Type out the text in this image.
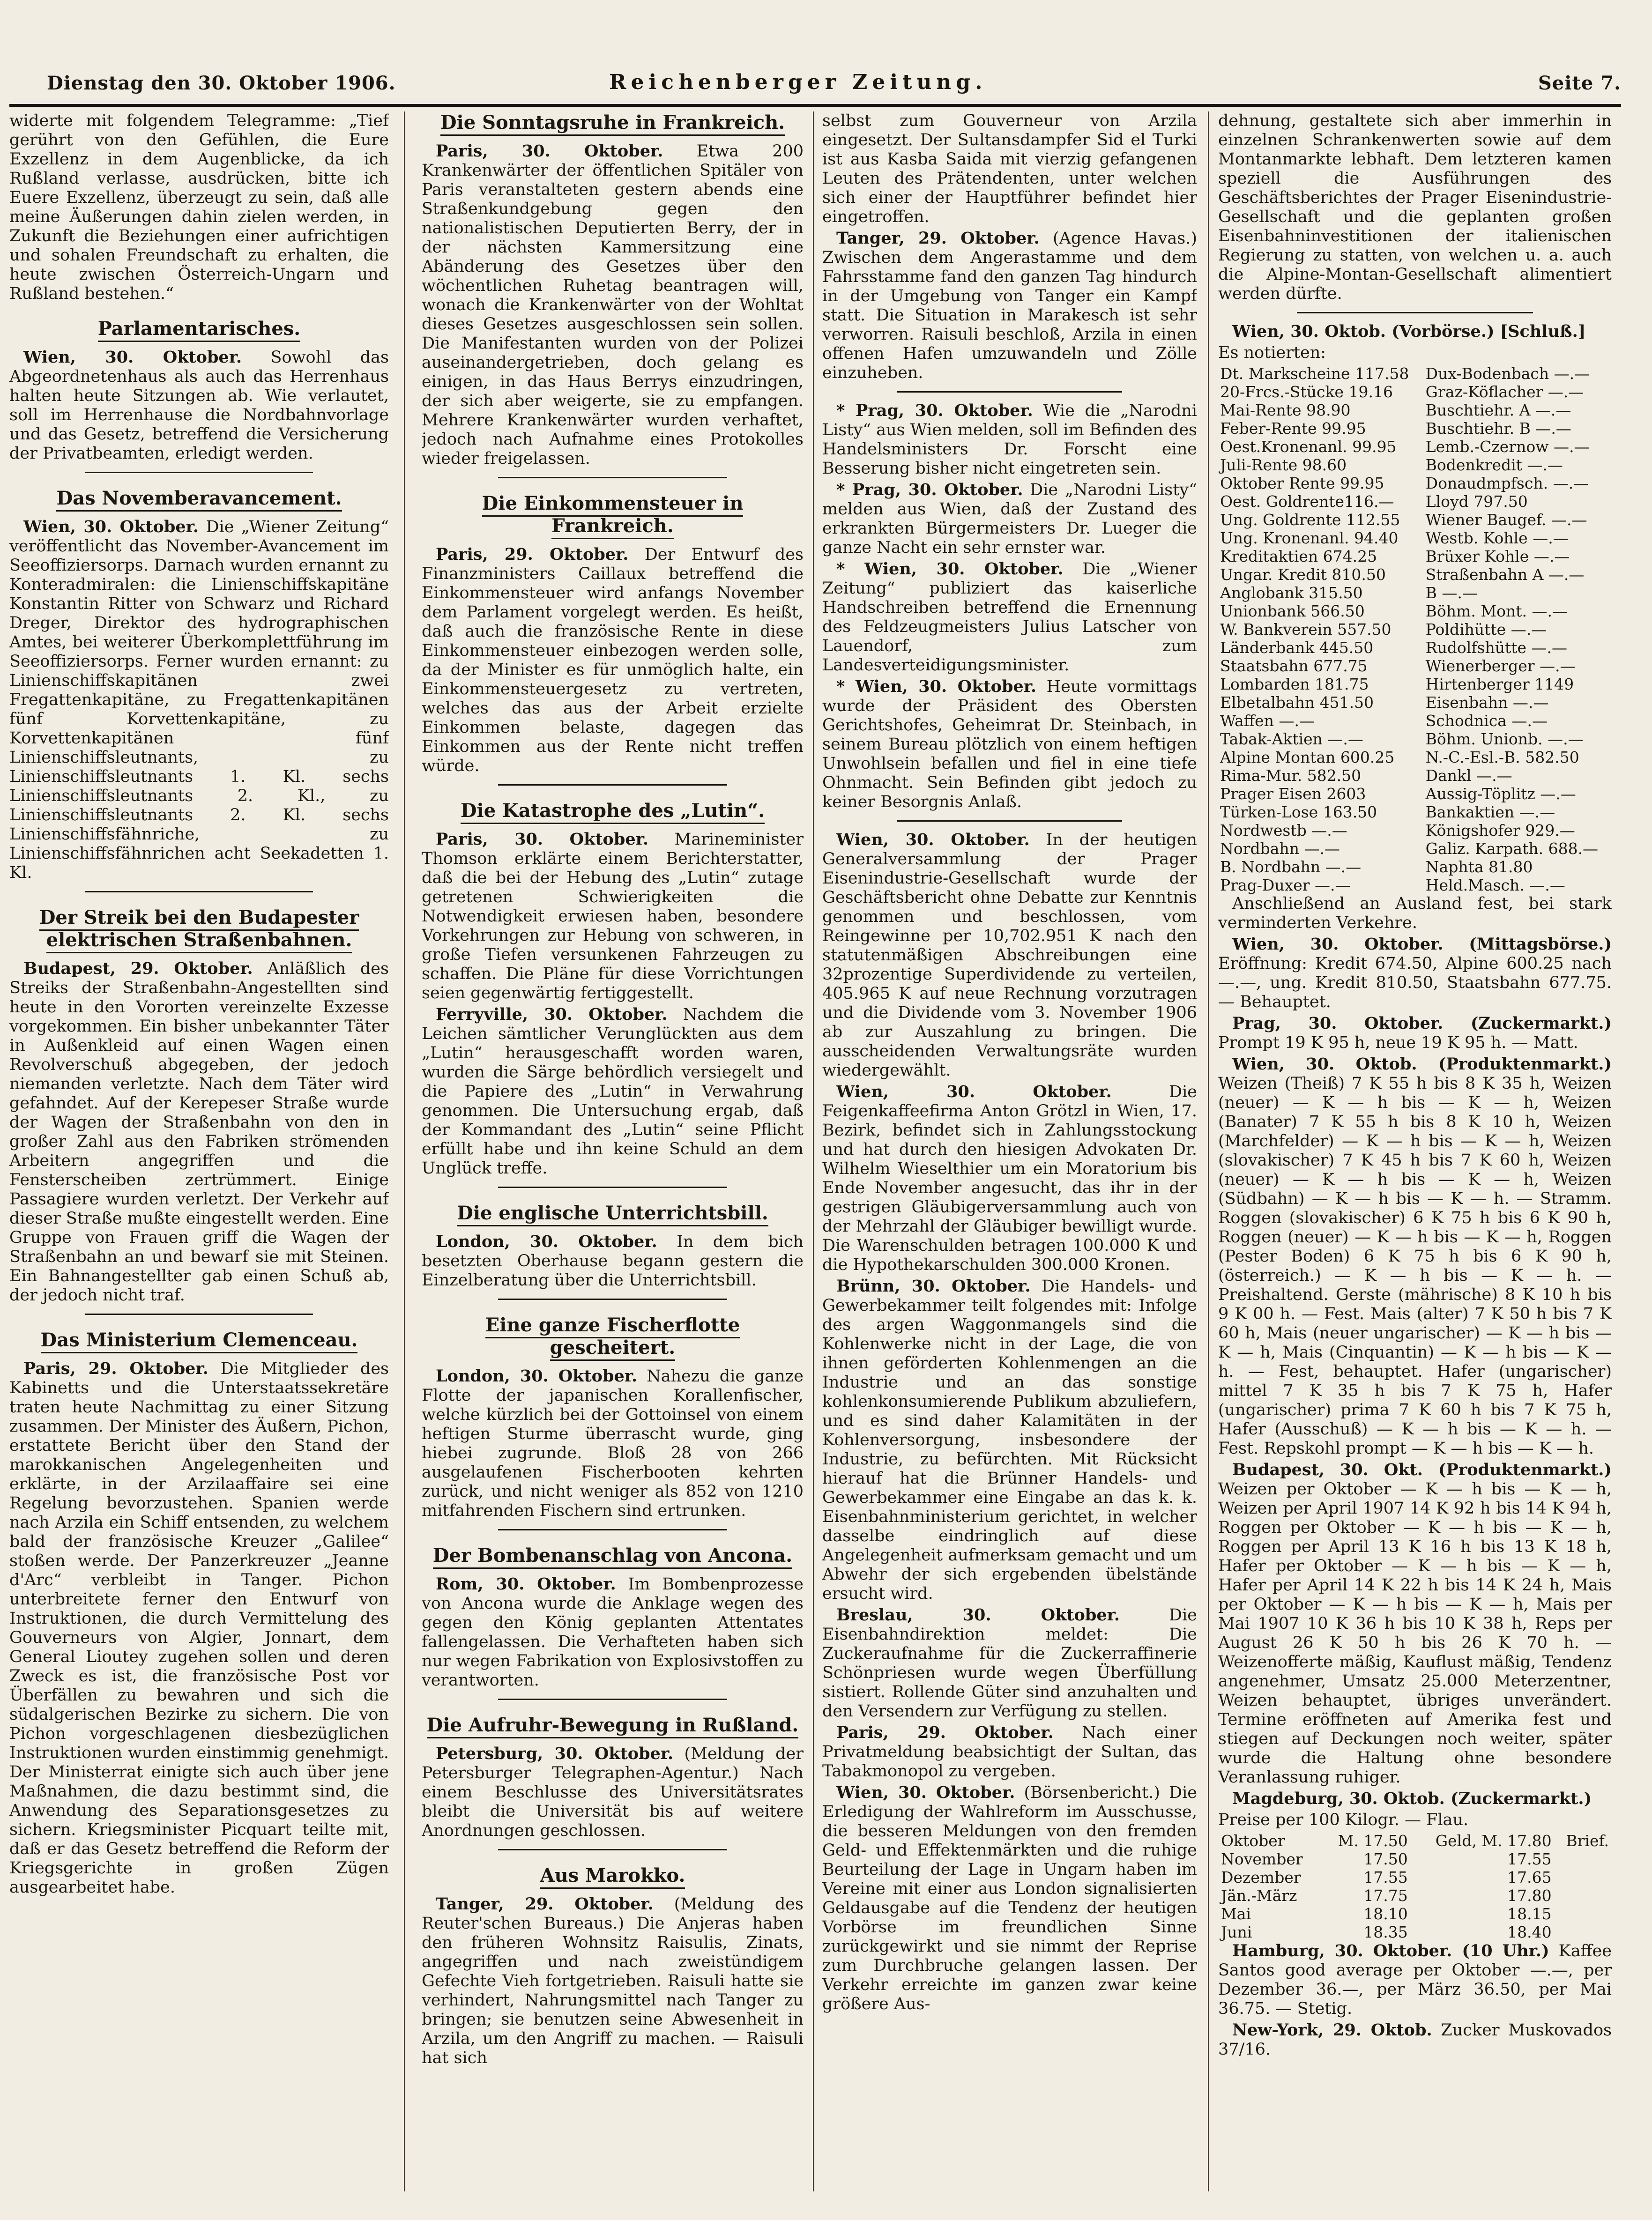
Dienstag den 30. Oktober 1906.	Reichenberger Zeitung.	Seite 7.

widerte mit folgendem Telegramme: „Tief gerührt von den Gefühlen, die Eure Exzellenz in dem Augenblicke, da ich Rußland verlasse, ausdrücken, bitte ich Euere Exzellenz, überzeugt zu sein, daß alle meine Äußerungen dahin zielen werden, in Zukunft die Beziehungen einer aufrichtigen und sohalen Freundschaft zu erhalten, die heute zwischen Österreich-Ungarn und Rußland bestehen.“

Parlamentarisches.

Wien, 30. Oktober. Sowohl das Abgeordnetenhaus als auch das Herrenhaus halten heute Sitzungen ab. Wie verlautet, soll im Herrenhause die Nordbahnvorlage und das Gesetz, betreffend die Versicherung der Privatbeamten, erledigt werden.

Das Novemberavancement.

Wien, 30. Oktober. Die „Wiener Zeitung“ veröffentlicht das November-Avancement im Seeoffiziersorps. Darnach wurden ernannt zu Konteradmiralen: die Linienschiffskapitäne Konstantin Ritter von Schwarz und Richard Dreger, Direktor des hydrographischen Amtes, bei weiterer Überkomplettführung im Seeoffiziersorps. Ferner wurden ernannt: zu Linienschiffskapitänen zwei Fregattenkapitäne, zu Fregattenkapitänen fünf Korvettenkapitäne, zu Korvettenkapitänen fünf Linienschiffsleutnants, zu Linienschiffsleutnants 1. Kl. sechs Linienschiffsleutnants 2. Kl., zu Linienschiffsleutnants 2. Kl. sechs Linienschiffsfähnriche, zu Linienschiffsfähnrichen acht Seekadetten 1. Kl.

Der Streik bei den Budapester elektrischen Straßenbahnen.

Budapest, 29. Oktober. Anläßlich des Streiks der Straßenbahn-Angestellten sind heute in den Vororten vereinzelte Exzesse vorgekommen. Ein bisher unbekannter Täter in Außenkleid auf einen Wagen einen Revolverschuß abgegeben, der jedoch niemanden verletzte. Nach dem Täter wird gefahndet. Auf der Kerepeser Straße wurde der Wagen der Straßenbahn von den in großer Zahl aus den Fabriken strömenden Arbeitern angegriffen und die Fensterscheiben zertrümmert. Einige Passagiere wurden verletzt. Der Verkehr auf dieser Straße mußte eingestellt werden. Eine Gruppe von Frauen griff die Wagen der Straßenbahn an und bewarf sie mit Steinen. Ein Bahnangestellter gab einen Schuß ab, der jedoch nicht traf.

Das Ministerium Clemenceau.

Paris, 29. Oktober. Die Mitglieder des Kabinetts und die Unterstaatssekretäre traten heute Nachmittag zu einer Sitzung zusammen. Der Minister des Äußern, Pichon, erstattete Bericht über den Stand der marokkanischen Angelegenheiten und erklärte, in der Arzilaaffaire sei eine Regelung bevorzustehen. Spanien werde nach Arzila ein Schiff entsenden, zu welchem bald der französische Kreuzer „Galilee“ stoßen werde. Der Panzerkreuzer „Jeanne d'Arc“ verbleibt in Tanger. Pichon unterbreitete ferner den Entwurf von Instruktionen, die durch Vermittelung des Gouverneurs von Algier, Jonnart, dem General Lioutey zugehen sollen und deren Zweck es ist, die französische Post vor Überfällen zu bewahren und sich die südalgerischen Bezirke zu sichern. Die von Pichon vorgeschlagenen diesbezüglichen Instruktionen wurden einstimmig genehmigt. Der Ministerrat einigte sich auch über jene Maßnahmen, die dazu bestimmt sind, die Anwendung des Separationsgesetzes zu sichern. Kriegsminister Picquart teilte mit, daß er das Gesetz betreffend die Reform der Kriegsgerichte in großen Zügen ausgearbeitet habe.

Die Sonntagsruhe in Frankreich.

Paris, 30. Oktober. Etwa 200 Krankenwärter der öffentlichen Spitäler von Paris veranstalteten gestern abends eine Straßenkundgebung gegen den nationalistischen Deputierten Berry, der in der nächsten Kammersitzung eine Abänderung des Gesetzes über den wöchentlichen Ruhetag beantragen will, wonach die Krankenwärter von der Wohltat dieses Gesetzes ausgeschlossen sein sollen. Die Manifestanten wurden von der Polizei auseinandergetrieben, doch gelang es einigen, in das Haus Berrys einzudringen, der sich aber weigerte, sie zu empfangen. Mehrere Krankenwärter wurden verhaftet, jedoch nach Aufnahme eines Protokolles wieder freigelassen.

Die Einkommensteuer in Frankreich.

Paris, 29. Oktober. Der Entwurf des Finanzministers Caillaux betreffend die Einkommensteuer wird anfangs November dem Parlament vorgelegt werden. Es heißt, daß auch die französische Rente in diese Einkommensteuer einbezogen werden solle, da der Minister es für unmöglich halte, ein Einkommensteuergesetz zu vertreten, welches das aus der Arbeit erzielte Einkommen belaste, dagegen das Einkommen aus der Rente nicht treffen würde.

Die Katastrophe des „Lutin“.

Paris, 30. Oktober. Marineminister Thomson erklärte einem Berichterstatter, daß die bei der Hebung des „Lutin“ zutage getretenen Schwierigkeiten die Notwendigkeit erwiesen haben, besondere Vorkehrungen zur Hebung von schweren, in große Tiefen versunkenen Fahrzeugen zu schaffen. Die Pläne für diese Vorrichtungen seien gegenwärtig fertiggestellt.

Ferryville, 30. Oktober. Nachdem die Leichen sämtlicher Verunglückten aus dem „Lutin“ herausgeschafft worden waren, wurden die Särge behördlich versiegelt und die Papiere des „Lutin“ in Verwahrung genommen. Die Untersuchung ergab, daß der Kommandant des „Lutin“ seine Pflicht erfüllt habe und ihn keine Schuld an dem Unglück treffe.

Die englische Unterrichtsbill.

London, 30. Oktober. In dem bich besetzten Oberhause begann gestern die Einzelberatung über die Unterrichtsbill.

Eine ganze Fischerflotte gescheitert.

London, 30. Oktober. Nahezu die ganze Flotte der japanischen Korallenfischer, welche kürzlich bei der Gottoinsel von einem heftigen Sturme überrascht wurde, ging hiebei zugrunde. Bloß 28 von 266 ausgelaufenen Fischerbooten kehrten zurück, und nicht weniger als 852 von 1210 mitfahrenden Fischern sind ertrunken.

Der Bombenanschlag von Ancona.

Rom, 30. Oktober. Im Bombenprozesse von Ancona wurde die Anklage wegen des gegen den König geplanten Attentates fallengelassen. Die Verhafteten haben sich nur wegen Fabrikation von Explosivstoffen zu verantworten.

Die Aufruhr-Bewegung in Rußland.

Petersburg, 30. Oktober. (Meldung der Petersburger Telegraphen-Agentur.) Nach einem Beschlusse des Universitätsrates bleibt die Universität bis auf weitere Anordnungen geschlossen.

Aus Marokko.

Tanger, 29. Oktober. (Meldung des Reuter'schen Bureaus.) Die Anjeras haben den früheren Wohnsitz Raisulis, Zinats, angegriffen und nach zweistündigem Gefechte Vieh fortgetrieben. Raisuli hatte sie verhindert, Nahrungsmittel nach Tanger zu bringen; sie benutzen seine Abwesenheit in Arzila, um den Angriff zu machen. — Raisuli hat sich

selbst zum Gouverneur von Arzila eingesetzt. Der Sultansdampfer Sid el Turki ist aus Kasba Saida mit vierzig gefangenen Leuten des Prätendenten, unter welchen sich einer der Hauptführer befindet hier eingetroffen.

Tanger, 29. Oktober. (Agence Havas.) Zwischen dem Angerastamme und dem Fahrsstamme fand den ganzen Tag hindurch in der Umgebung von Tanger ein Kampf statt. Die Situation in Marakesch ist sehr verworren. Raisuli beschloß, Arzila in einen offenen Hafen umzuwandeln und Zölle einzuheben.

* Prag, 30. Oktober. Wie die „Narodni Listy“ aus Wien melden, soll im Befinden des Handelsministers Dr. Forscht eine Besserung bisher nicht eingetreten sein.

* Prag, 30. Oktober. Die „Narodni Listy“ melden aus Wien, daß der Zustand des erkrankten Bürgermeisters Dr. Lueger die ganze Nacht ein sehr ernster war.

* Wien, 30. Oktober. Die „Wiener Zeitung“ publiziert das kaiserliche Handschreiben betreffend die Ernennung des Feldzeugmeisters Julius Latscher von Lauendorf, zum Landesverteidigungsminister.

* Wien, 30. Oktober. Heute vormittags wurde der Präsident des Obersten Gerichtshofes, Geheimrat Dr. Steinbach, in seinem Bureau plötzlich von einem heftigen Unwohlsein befallen und fiel in eine tiefe Ohnmacht. Sein Befinden gibt jedoch zu keiner Besorgnis Anlaß.

Wien, 30. Oktober. In der heutigen Generalversammlung der Prager Eisenindustrie-Gesellschaft wurde der Geschäftsbericht ohne Debatte zur Kenntnis genommen und beschlossen, vom Reingewinne per 10,702.951 K nach den statutenmäßigen Abschreibungen eine 32prozentige Superdividende zu verteilen, 405.965 K auf neue Rechnung vorzutragen und die Dividende vom 3. November 1906 ab zur Auszahlung zu bringen. Die ausscheidenden Verwaltungsräte wurden wiedergewählt.

Wien, 30. Oktober.	Die Feigenkaffeefirma Anton Grötzl in Wien, 17. Bezirk, befindet sich in Zahlungsstockung und hat durch den hiesigen Advokaten Dr. Wilhelm Wieselthier um ein Moratorium bis Ende November angesucht, das ihr in der gestrigen Gläubigerversammlung auch von der Mehrzahl der Gläubiger bewilligt wurde. Die Warenschulden betragen 100.000 K und die Hypothekarschulden 300.000 Kronen.

Brünn, 30. Oktober. Die Handels- und Gewerbekammer teilt folgendes mit: Infolge des argen Waggonmangels sind die Kohlenwerke nicht in der Lage, die von ihnen geförderten Kohlenmengen an die Industrie und an das sonstige kohlenkonsumierende Publikum abzuliefern, und es sind daher Kalamitäten in der Kohlenversorgung, insbesondere der Industrie, zu befürchten. Mit Rücksicht hierauf hat die Brünner Handels- und Gewerbekammer eine Eingabe an das k. k. Eisenbahnministerium gerichtet, in welcher dasselbe eindringlich auf diese Angelegenheit aufmerksam gemacht und um Abwehr der sich ergebenden übelstände ersucht wird.

Breslau, 30. Oktober.	Die Eisenbahndirektion meldet: Die Zuckeraufnahme für die Zuckerraffinerie Schönpriesen wurde wegen Überfüllung sistiert. Rollende Güter sind anzuhalten und den Versendern zur Verfügung zu stellen.

Paris, 29. Oktober. Nach einer Privatmeldung beabsichtigt der Sultan, das Tabakmonopol zu vergeben.

Wien, 30. Oktober. (Börsenbericht.) Die Erledigung der Wahlreform im Ausschusse, die besseren Meldungen von den fremden Geld- und Effektenmärkten und die ruhige Beurteilung der Lage in Ungarn haben im Vereine mit einer aus London signalisierten Geldausgabe auf die Tendenz der heutigen Vorbörse im freundlichen Sinne zurückgewirkt und sie nimmt der Reprise zum Durchbruche gelangen lassen. Der Verkehr erreichte im ganzen zwar keine größere Aus-

dehnung, gestaltete sich aber immerhin in einzelnen Schrankenwerten sowie auf dem Montanmarkte lebhaft. Dem letzteren kamen speziell die Ausführungen des Geschäftsberichtes der Prager Eisenindustrie-Gesellschaft und die geplanten großen Eisenbahninvestitionen der italienischen Regierung zu statten, von welchen u. a. auch die Alpine-Montan-Gesellschaft alimentiert werden dürfte.

Wien, 30. Oktob. (Vorbörse.) [Schluß.]

Es notierten:

Dt. Markscheine 117.58	Dux-Bodenbach —.—
20-Frcs.-Stücke 19.16	Graz-Köflacher —.—
Mai-Rente 98.90	Buschtiehr. A —.—
Feber-Rente 99.95	Buschtiehr. B —.—
Oest.Kronenanl. 99.95	Lemb.-Czernow —.—
Juli-Rente 98.60	Bodenkredit —.—
Oktober Rente 99.95	Donaudmpfsch. —.—
Oest. Goldrente116.—	Lloyd 797.50
Ung. Goldrente 112.55	Wiener Baugef. —.—
Ung. Kronenanl. 94.40	Westb. Kohle —.—
Kreditaktien 674.25	Brüxer Kohle —.—
Ungar. Kredit 810.50	Straßenbahn A —.—
Anglobank 315.50	B —.—
Unionbank 566.50	Böhm. Mont. —.—
W. Bankverein 557.50	Poldihütte —.—
Länderbank 445.50	Rudolfshütte —.—
Staatsbahn 677.75	Wienerberger —.—
Lombarden 181.75	Hirtenberger 1149
Elbetalbahn 451.50	Eisenbahn —.—
Waffen —.—	Schodnica —.—
Tabak-Aktien —.—	Böhm. Unionb. —.—
Alpine Montan 600.25	N.-C.-Esl.-B. 582.50
Rima-Mur. 582.50	Dankl —.—
Prager Eisen 2603	Aussig-Töplitz —.—
Türken-Lose 163.50	Bankaktien —.—
Nordwestb —.—	Königshofer 929.—
Nordbahn —.—	Galiz. Karpath. 688.—
B. Nordbahn —.—	Naphta 81.80
Prag-Duxer —.—	Held.Masch. —.—

Anschließend an Ausland fest, bei stark verminderten Verkehre.

Wien, 30. Oktober. (Mittagsbörse.) Eröffnung: Kredit 674.50, Alpine 600.25 nach —.—, ung. Kredit 810.50, Staatsbahn 677.75. — Behauptet.

Prag, 30. Oktober. (Zuckermarkt.) Prompt 19 K 95 h, neue 19 K 95 h. — Matt.

Wien, 30. Oktob. (Produktenmarkt.) Weizen (Theiß) 7 K 55 h bis 8 K 35 h, Weizen (neuer) — K — h bis — K — h, Weizen (Banater) 7 K 55 h bis 8 K 10 h, Weizen (Marchfelder) — K — h bis — K — h, Weizen (slovakischer) 7 K 45 h bis 7 K 60 h, Weizen (neuer) — K — h bis — K — h, Weizen (Südbahn) — K — h bis — K — h. — Stramm. Roggen (slovakischer) 6 K 75 h bis 6 K 90 h, Roggen (neuer) — K — h bis — K — h, Roggen (Pester Boden) 6 K 75 h bis 6 K 90 h, (österreich.) — K — h bis — K — h. — Preishaltend. Gerste (mährische) 8 K 10 h bis 9 K 00 h. — Fest. Mais (alter) 7 K 50 h bis 7 K 60 h, Mais (neuer ungarischer) — K — h bis — K — h, Mais (Cinquantin) — K — h bis — K — h. — Fest, behauptet. Hafer (ungarischer) mittel 7 K 35 h bis 7 K 75 h, Hafer (ungarischer) prima 7 K 60 h bis 7 K 75 h, Hafer (Ausschuß) — K — h bis — K — h. — Fest. Repskohl prompt — K — h bis — K — h.

Budapest, 30. Okt. (Produktenmarkt.) Weizen per Oktober — K — h bis — K — h, Weizen per April 1907 14 K 92 h bis 14 K 94 h, Roggen per Oktober — K — h bis — K — h, Roggen per April 13 K 16 h bis 13 K 18 h, Hafer per Oktober — K — h bis — K — h, Hafer per April 14 K 22 h bis 14 K 24 h, Mais per Oktober — K — h bis — K — h, Mais per Mai 1907 10 K 36 h bis 10 K 38 h, Reps per August 26 K 50 h bis 26 K 70 h. — Weizenofferte mäßig, Kauflust mäßig, Tendenz angenehmer, Umsatz 25.000 Meterzentner, Weizen behauptet, übriges unverändert. Termine eröffneten auf Amerika fest und stiegen auf Deckungen noch weiter, später wurde die Haltung ohne besondere Veranlassung ruhiger.

Magdeburg, 30. Oktob. (Zuckermarkt.)

Preise per 100 Kilogr. — Flau.

Oktober	M. 17.50	Geld, M. 17.80	Brief.
November	17.50	17.55	
Dezember	17.55	17.65	
Jän.-März	17.75	17.80	
Mai	18.10	18.15	
Juni	18.35	18.40	

Hamburg, 30. Oktober. (10 Uhr.) Kaffee Santos good average per Oktober —.—, per Dezember 36.—, per März 36.50, per Mai 36.75. — Stetig.

New-York, 29. Oktob. Zucker Muskovados 37/16.
